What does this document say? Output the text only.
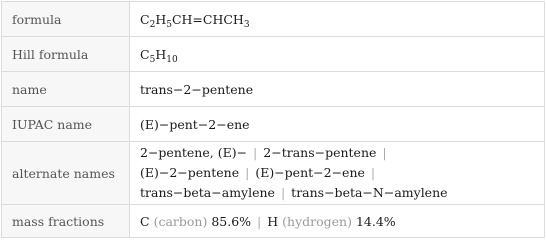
formula	$C_2H_5CH=CHCH_3$
Hill formula	$C_5H_{10}$
name	trans−2−pentene
IUPAC name	(E)−pent−2−ene
alternate names	2−pentene, (E)− | 2−trans−pentene |
(E)−2−pentene | (E)−pent−2−ene |
trans−beta−amylene | trans−beta−N−amylene
mass fractions	C (carbon) 85.6% | H (hydrogen) 14.4%
